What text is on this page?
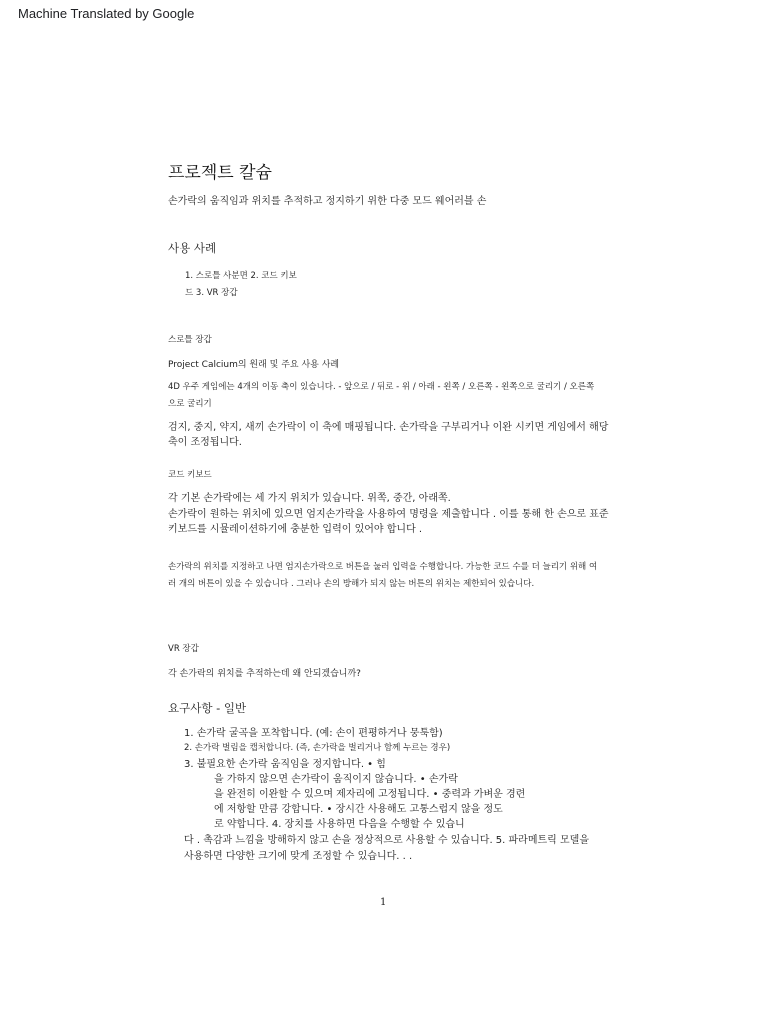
Machine Translated by Google
프로젝트 칼슘
손가락의 움직임과 위치를 추적하고 정지하기 위한 다중 모드 웨어러블 손
사용 사례
1. 스로틀 사분면 2. 코드 키보
드 3. VR 장갑
스로틀 장갑
Project Calcium의 원래 및 주요 사용 사례
4D 우주 게임에는 4개의 이동 축이 있습니다. - 앞으로 / 뒤로 - 위 / 아래 - 왼쪽 / 오른쪽 - 왼쪽으로 굴리기 / 오른쪽
으로 굴리기
검지, 중지, 약지, 새끼 손가락이 이 축에 매핑됩니다. 손가락을 구부리거나 이완 시키면 게임에서 해당
축이 조정됩니다.
코드 키보드
각 기본 손가락에는 세 가지 위치가 있습니다. 위쪽, 중간, 아래쪽.
손가락이 원하는 위치에 있으면 엄지손가락을 사용하여 명령을 제출합니다 . 이를 통해 한 손으로 표준
키보드를 시뮬레이션하기에 충분한 입력이 있어야 합니다 .
손가락의 위치를 지정하고 나면 엄지손가락으로 버튼을 눌러 입력을 수행합니다. 가능한 코드 수를 더 늘리기 위해 여
러 개의 버튼이 있을 수 있습니다 . 그러나 손의 방해가 되지 않는 버튼의 위치는 제한되어 있습니다.
VR 장갑
각 손가락의 위치를 추적하는데 왜 안되겠습니까?
요구사항 - 일반
1. 손가락 굴곡을 포착합니다. (예: 손이 편평하거나 뭉툭함)
2. 손가락 벌림을 캡처합니다. (즉, 손가락을 벌리거나 함께 누르는 경우)
3. 불필요한 손가락 움직임을 정지합니다. • 힘
을 가하지 않으면 손가락이 움직이지 않습니다. • 손가락
을 완전히 이완할 수 있으며 제자리에 고정됩니다. • 중력과 가벼운 경련
에 저항할 만큼 강합니다. • 장시간 사용해도 고통스럽지 않을 정도
로 약합니다. 4. 장치를 사용하면 다음을 수행할 수 있습니
다 . 촉감과 느낌을 방해하지 않고 손을 정상적으로 사용할 수 있습니다. 5. 파라메트릭 모델을
사용하면 다양한 크기에 맞게 조정할 수 있습니다. . .
1
